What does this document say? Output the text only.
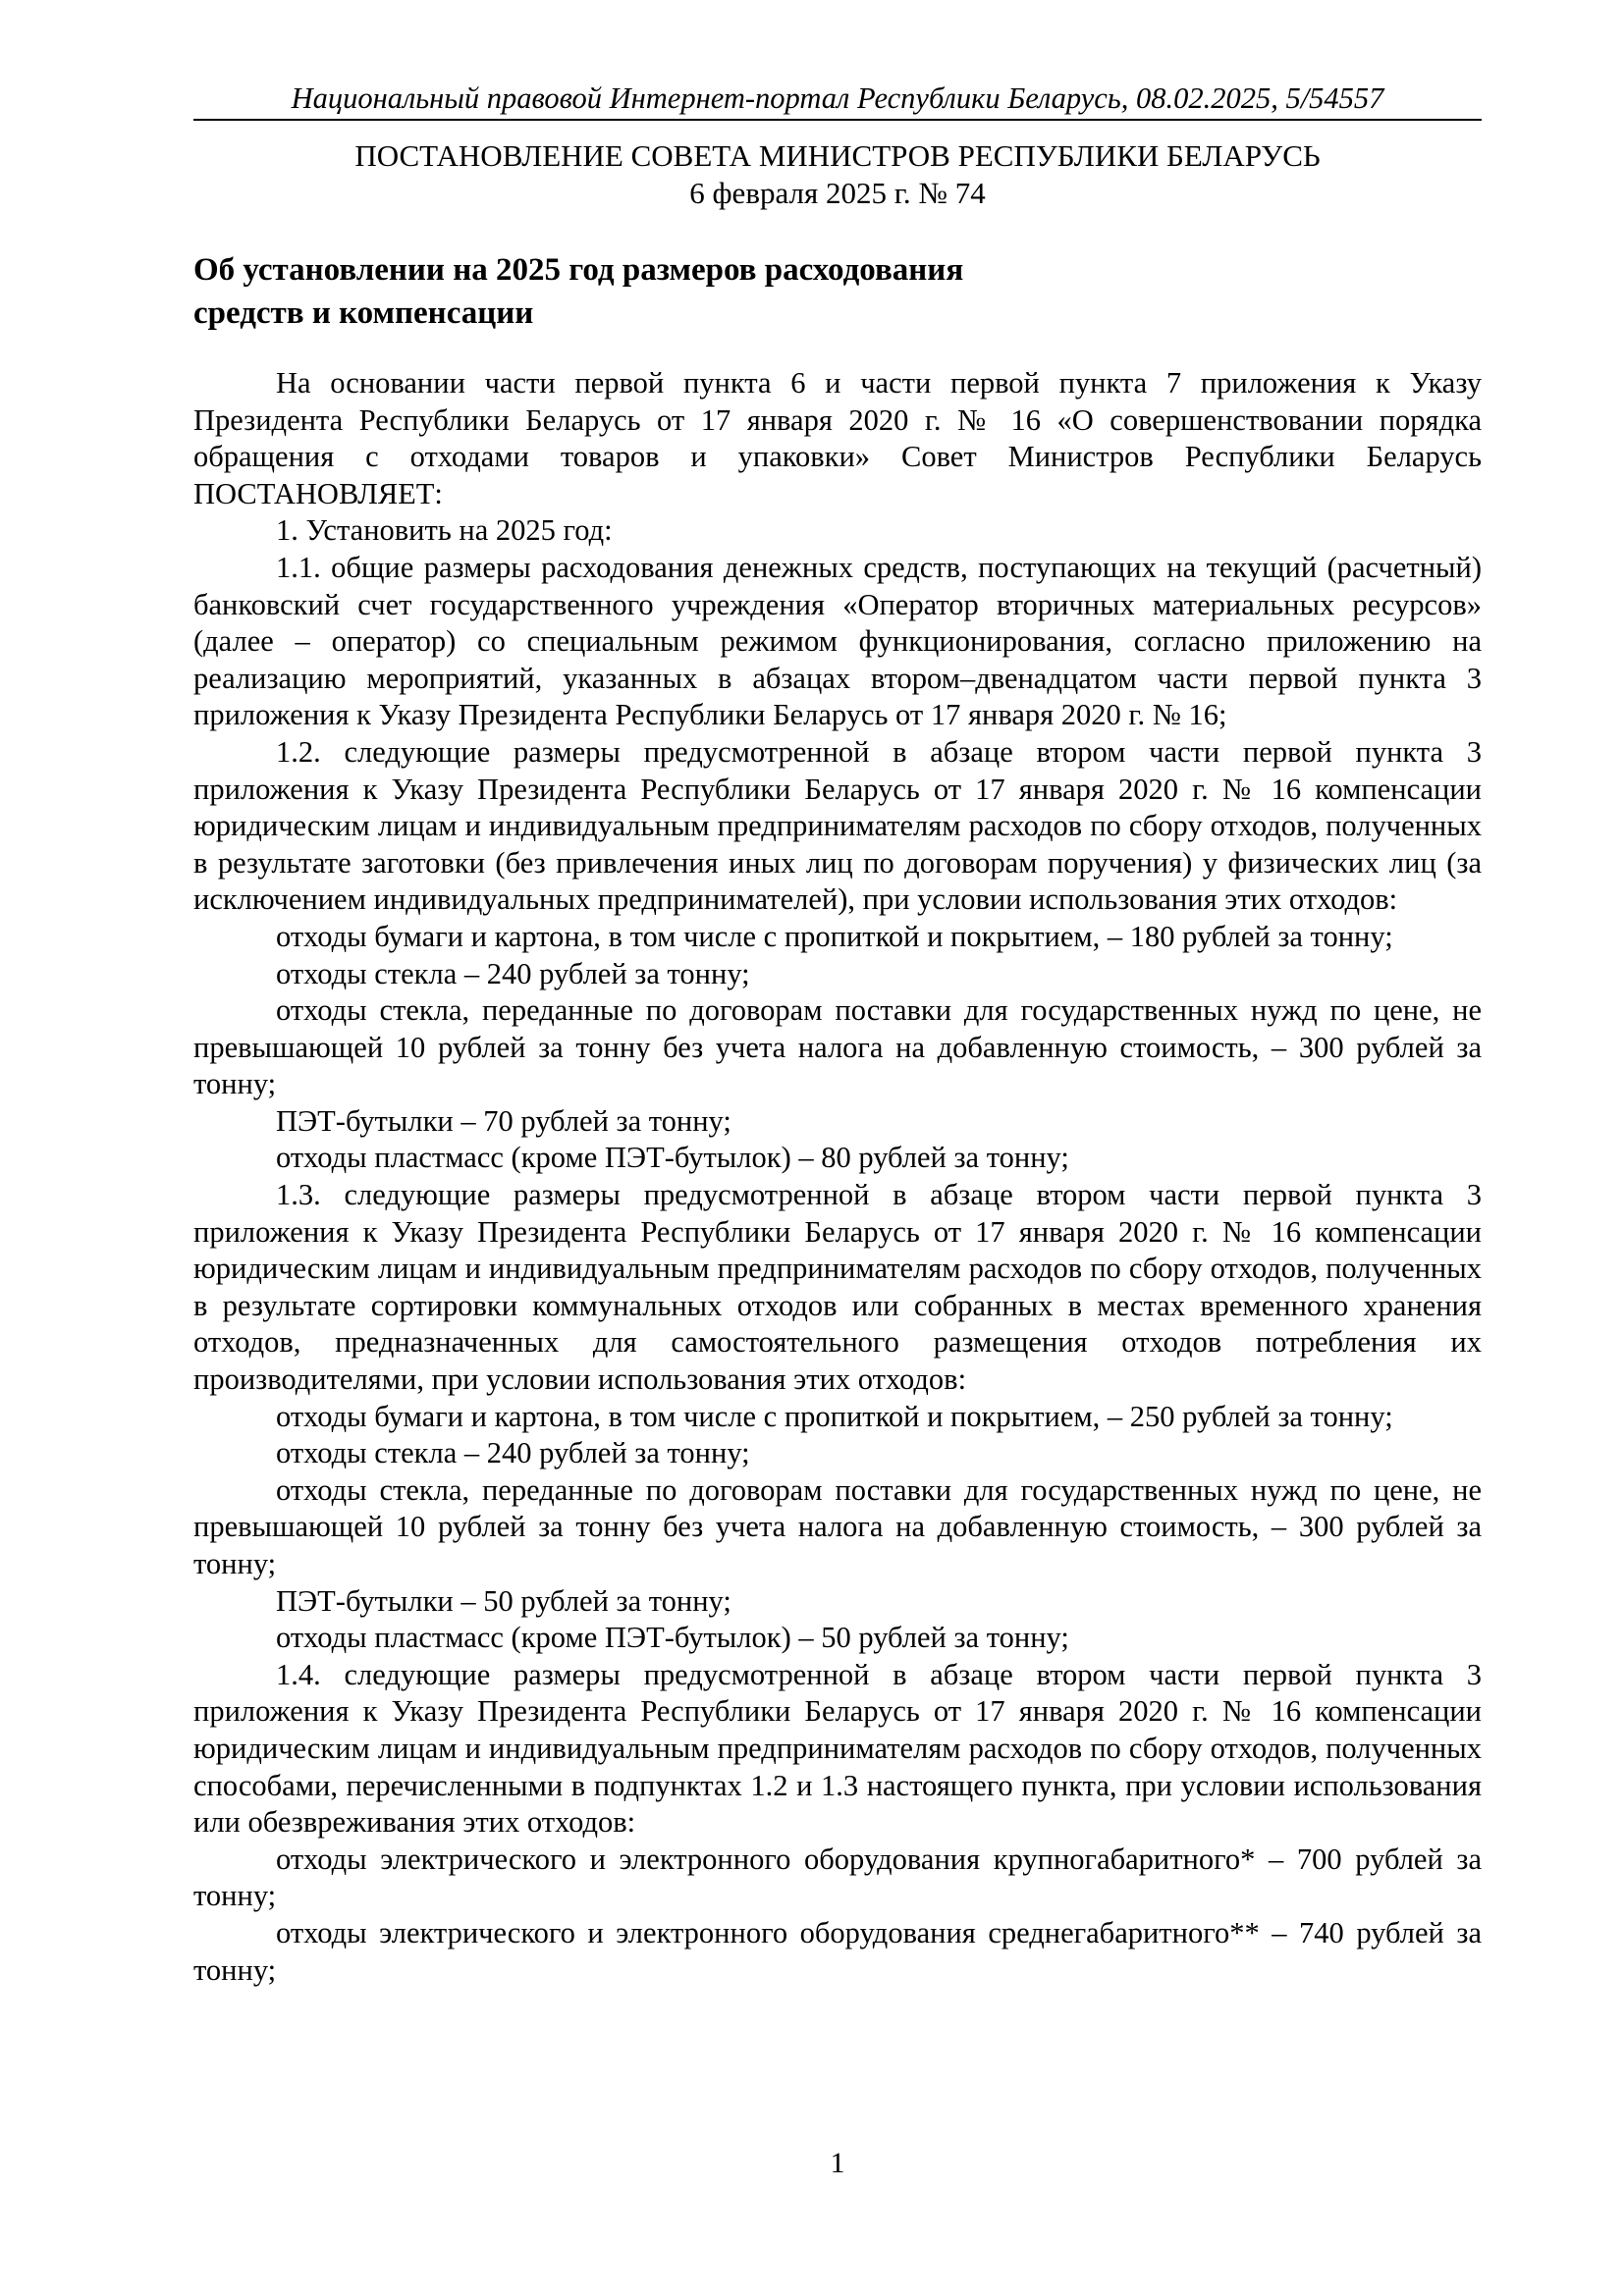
Национальный правовой Интернет-портал Республики Беларусь, 08.02.2025, 5/54557
ПОСТАНОВЛЕНИЕ СОВЕТА МИНИСТРОВ РЕСПУБЛИКИ БЕЛАРУСЬ
6 февраля 2025 г. № 74
Об установлении на 2025 год размеров расходования
средств и компенсации

На основании части первой пункта 6 и части первой пункта 7 приложения к Указу Президента Республики Беларусь от 17 января 2020 г. № 16 «О совершенствовании порядка обращения с отходами товаров и упаковки» Совет Министров Республики Беларусь ПОСТАНОВЛЯЕТ:

1. Установить на 2025 год:

1.1. общие размеры расходования денежных средств, поступающих на текущий (расчетный) банковский счет государственного учреждения «Оператор вторичных материальных ресурсов» (далее – оператор) со специальным режимом функционирования, согласно приложению на реализацию мероприятий, указанных в абзацах втором–двенадцатом части первой пункта 3 приложения к Указу Президента Республики Беларусь от 17 января 2020 г. № 16;

1.2. следующие размеры предусмотренной в абзаце втором части первой пункта 3 приложения к Указу Президента Республики Беларусь от 17 января 2020 г. № 16 компенсации юридическим лицам и индивидуальным предпринимателям расходов по сбору отходов, полученных в результате заготовки (без привлечения иных лиц по договорам поручения) у физических лиц (за исключением индивидуальных предпринимателей), при условии использования этих отходов:

отходы бумаги и картона, в том числе с пропиткой и покрытием, – 180 рублей за тонну;

отходы стекла – 240 рублей за тонну;

отходы стекла, переданные по договорам поставки для государственных нужд по цене, не превышающей 10 рублей за тонну без учета налога на добавленную стоимость, – 300 рублей за тонну;

ПЭТ-бутылки – 70 рублей за тонну;

отходы пластмасс (кроме ПЭТ-бутылок) – 80 рублей за тонну;

1.3. следующие размеры предусмотренной в абзаце втором части первой пункта 3 приложения к Указу Президента Республики Беларусь от 17 января 2020 г. № 16 компенсации юридическим лицам и индивидуальным предпринимателям расходов по сбору отходов, полученных в результате сортировки коммунальных отходов или собранных в местах временного хранения отходов, предназначенных для самостоятельного размещения отходов потребления их производителями, при условии использования этих отходов:

отходы бумаги и картона, в том числе с пропиткой и покрытием, – 250 рублей за тонну;

отходы стекла – 240 рублей за тонну;

отходы стекла, переданные по договорам поставки для государственных нужд по цене, не превышающей 10 рублей за тонну без учета налога на добавленную стоимость, – 300 рублей за тонну;

ПЭТ-бутылки – 50 рублей за тонну;

отходы пластмасс (кроме ПЭТ-бутылок) – 50 рублей за тонну;

1.4. следующие размеры предусмотренной в абзаце втором части первой пункта 3 приложения к Указу Президента Республики Беларусь от 17 января 2020 г. № 16 компенсации юридическим лицам и индивидуальным предпринимателям расходов по сбору отходов, полученных способами, перечисленными в подпунктах 1.2 и 1.3 настоящего пункта, при условии использования или обезвреживания этих отходов:

отходы электрического и электронного оборудования крупногабаритного* – 700 рублей за тонну;

отходы электрического и электронного оборудования среднегабаритного** – 740 рублей за тонну;

1
